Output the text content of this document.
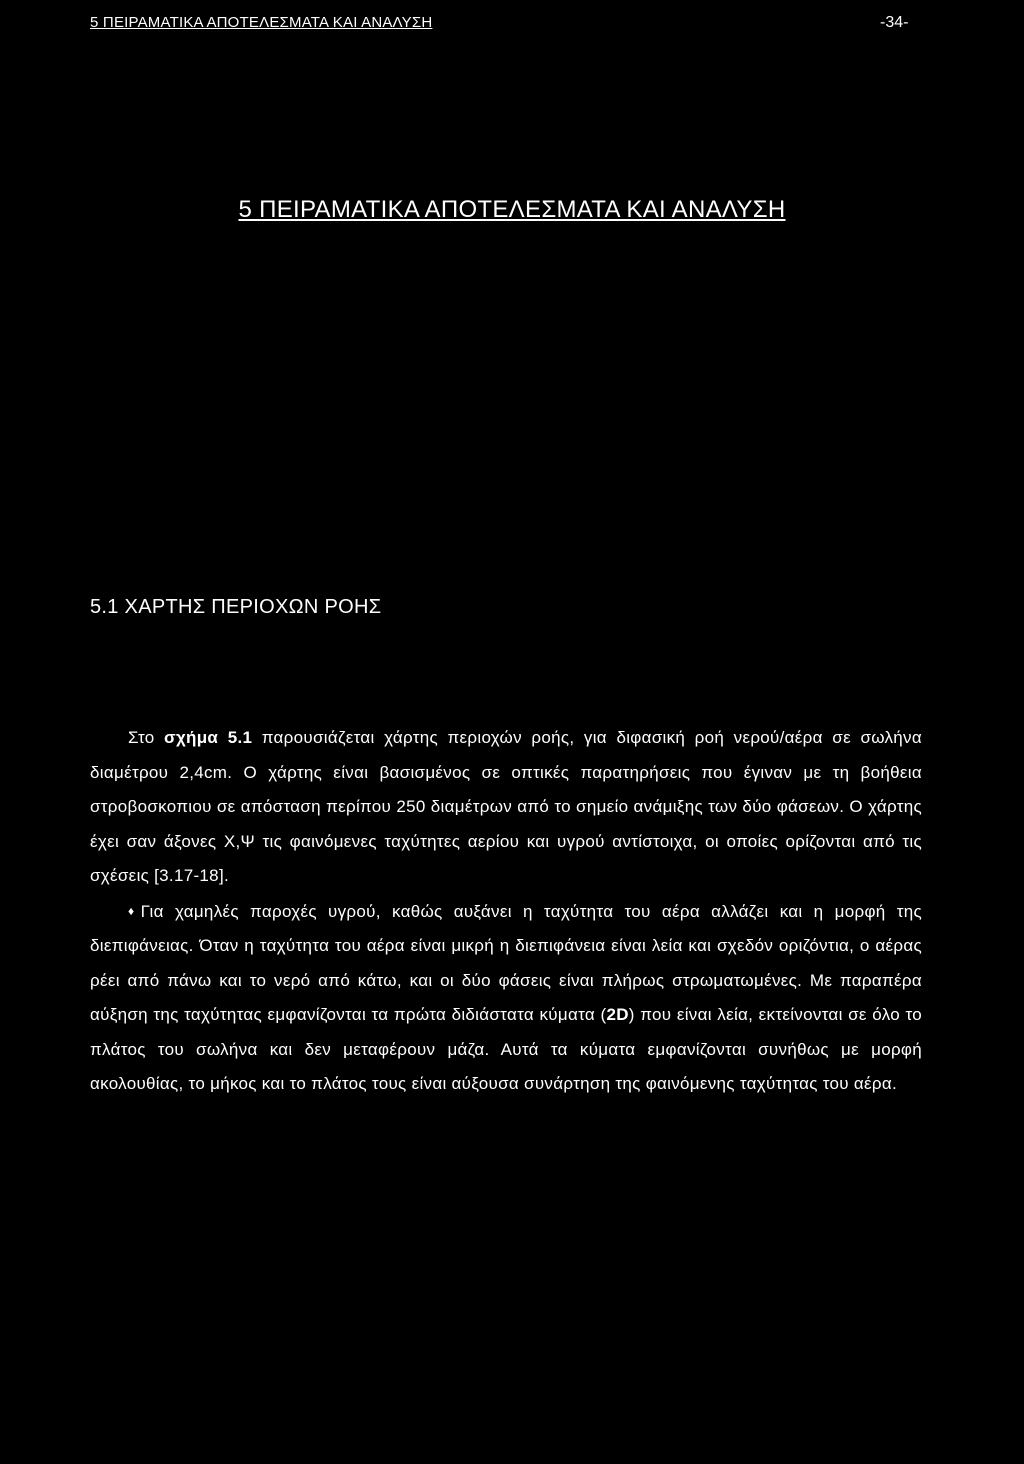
5 ΠΕΙΡΑΜΑΤΙΚΑ ΑΠΟΤΕΛΕΣΜΑΤΑ ΚΑΙ ΑΝΑΛΥΣΗ	-34-
5 ΠΕΙΡΑΜΑΤΙΚΑ ΑΠΟΤΕΛΕΣΜΑΤΑ ΚΑΙ ΑΝΑΛΥΣΗ
5.1 ΧΑΡΤΗΣ ΠΕΡΙΟΧΩΝ ΡΟΗΣ

Στο σχήμα 5.1 παρουσιάζεται χάρτης περιοχών ροής, για διφασική ροή νερού/αέρα σε σωλήνα διαμέτρου 2,4cm. Ο χάρτης είναι βασισμένος σε οπτικές παρατηρήσεις που έγιναν με τη βοήθεια στροβοσκοπιου σε απόσταση περίπου 250 διαμέτρων από το σημείο ανάμιξης των δύο φάσεων. Ο χάρτης έχει σαν άξονες Χ,Ψ τις φαινόμενες ταχύτητες αερίου και υγρού αντίστοιχα, οι οποίες ορίζονται από τις σχέσεις [3.17-18].

♦Για χαμηλές παροχές υγρού, καθώς αυξάνει η ταχύτητα του αέρα αλλάζει και η μορφή της διεπιφάνειας. Όταν η ταχύτητα του αέρα είναι μικρή η διεπιφάνεια είναι λεία και σχεδόν οριζόντια, ο αέρας ρέει από πάνω και το νερό από κάτω, και οι δύο φάσεις είναι πλήρως στρωματωμένες. Με παραπέρα αύξηση της ταχύτητας εμφανίζονται τα πρώτα διδιάστατα κύματα (2D) που είναι λεία, εκτείνονται σε όλο το πλάτος του σωλήνα και δεν μεταφέρουν μάζα. Αυτά τα κύματα εμφανίζονται συνήθως με μορφή ακολουθίας, το μήκος και το πλάτος τους είναι αύξουσα συνάρτηση της φαινόμενης ταχύτητας του αέρα.
